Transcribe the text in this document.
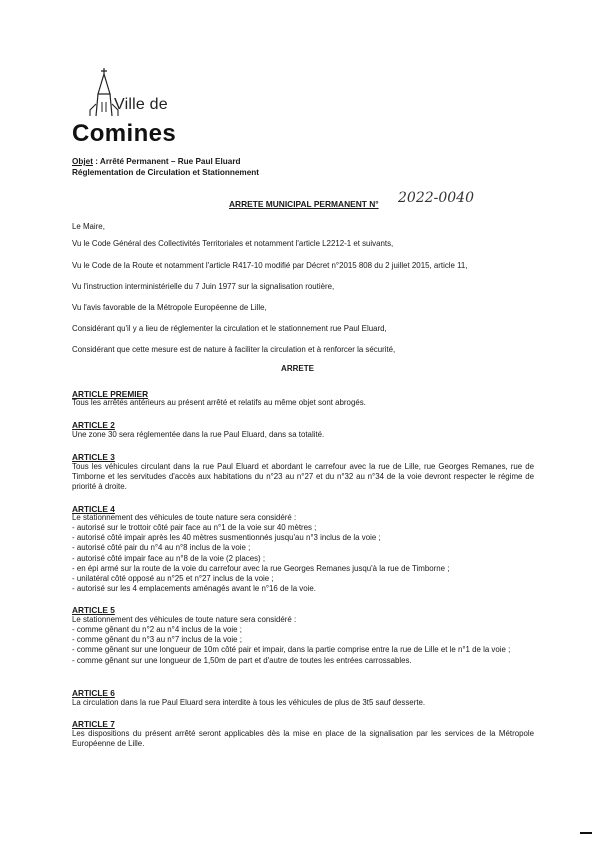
Ville de
Comines
Objet : Arrêté Permanent – Rue Paul Eluard
Réglementation de Circulation et Stationnement
ARRETE MUNICIPAL PERMANENT N° 2022-0040
Le Maire,
Vu le Code Général des Collectivités Territoriales et notamment l'article L2212-1 et suivants,
Vu le Code de la Route et notamment l'article R417-10 modifié par Décret n°2015 808 du 2 juillet 2015, article 11,
Vu l'instruction interministérielle du 7 Juin 1977 sur la signalisation routière,
Vu l'avis favorable de la Métropole Européenne de Lille,
Considérant qu'il y a lieu de réglementer la circulation et le stationnement rue Paul Eluard,
Considérant que cette mesure est de nature à faciliter la circulation et à renforcer la sécurité,
ARRETE
ARTICLE PREMIER
Tous les arrêtés antérieurs au présent arrêté et relatifs au même objet sont abrogés.
ARTICLE 2
Une zone 30 sera réglementée dans la rue Paul Eluard, dans sa totalité.
ARTICLE 3
Tous les véhicules circulant dans la rue Paul Eluard et abordant le carrefour avec la rue de Lille, rue Georges Remanes, rue de Timborne et les servitudes d'accès aux habitations du n°23 au n°27 et du n°32 au n°34 de la voie devront respecter le régime de priorité à droite.
ARTICLE 4
Le stationnement des véhicules de toute nature sera considéré :
- autorisé sur le trottoir côté pair face au n°1 de la voie sur 40 mètres ;
- autorisé côté impair après les 40 mètres susmentionnés jusqu'au n°3 inclus de la voie ;
- autorisé côté pair du n°4 au n°8 inclus de la voie ;
- autorisé côté impair face au n°8 de la voie (2 places) ;
- en épi armé sur la route de la voie du carrefour avec la rue Georges Remanes jusqu'à la rue de Timborne ;
- unilatéral côté opposé au n°25 et n°27 inclus de la voie ;
- autorisé sur les 4 emplacements aménagés avant le n°16 de la voie.
ARTICLE 5
Le stationnement des véhicules de toute nature sera considéré :
- comme gênant du n°2 au n°4 inclus de la voie ;
- comme gênant du n°3 au n°7 inclus de la voie ;
- comme gênant sur une longueur de 10m côté pair et impair, dans la partie comprise entre la rue de Lille et le n°1 de la voie ;
- comme gênant sur une longueur de 1,50m de part et d'autre de toutes les entrées carrossables.
ARTICLE 6
La circulation dans la rue Paul Eluard sera interdite à tous les véhicules de plus de 3t5 sauf desserte.
ARTICLE 7
Les dispositions du présent arrêté seront applicables dès la mise en place de la signalisation par les services de la Métropole Européenne de Lille.
